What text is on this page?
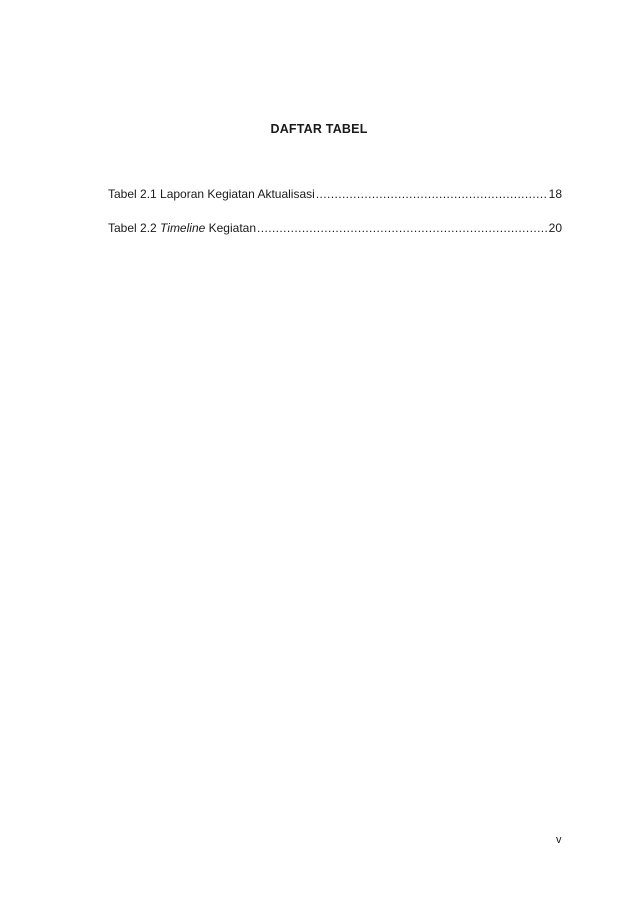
DAFTAR TABEL
Tabel 2.1 Laporan Kegiatan Aktualisasi .....	18
Tabel 2.2 Timeline Kegiatan .....	20
v
